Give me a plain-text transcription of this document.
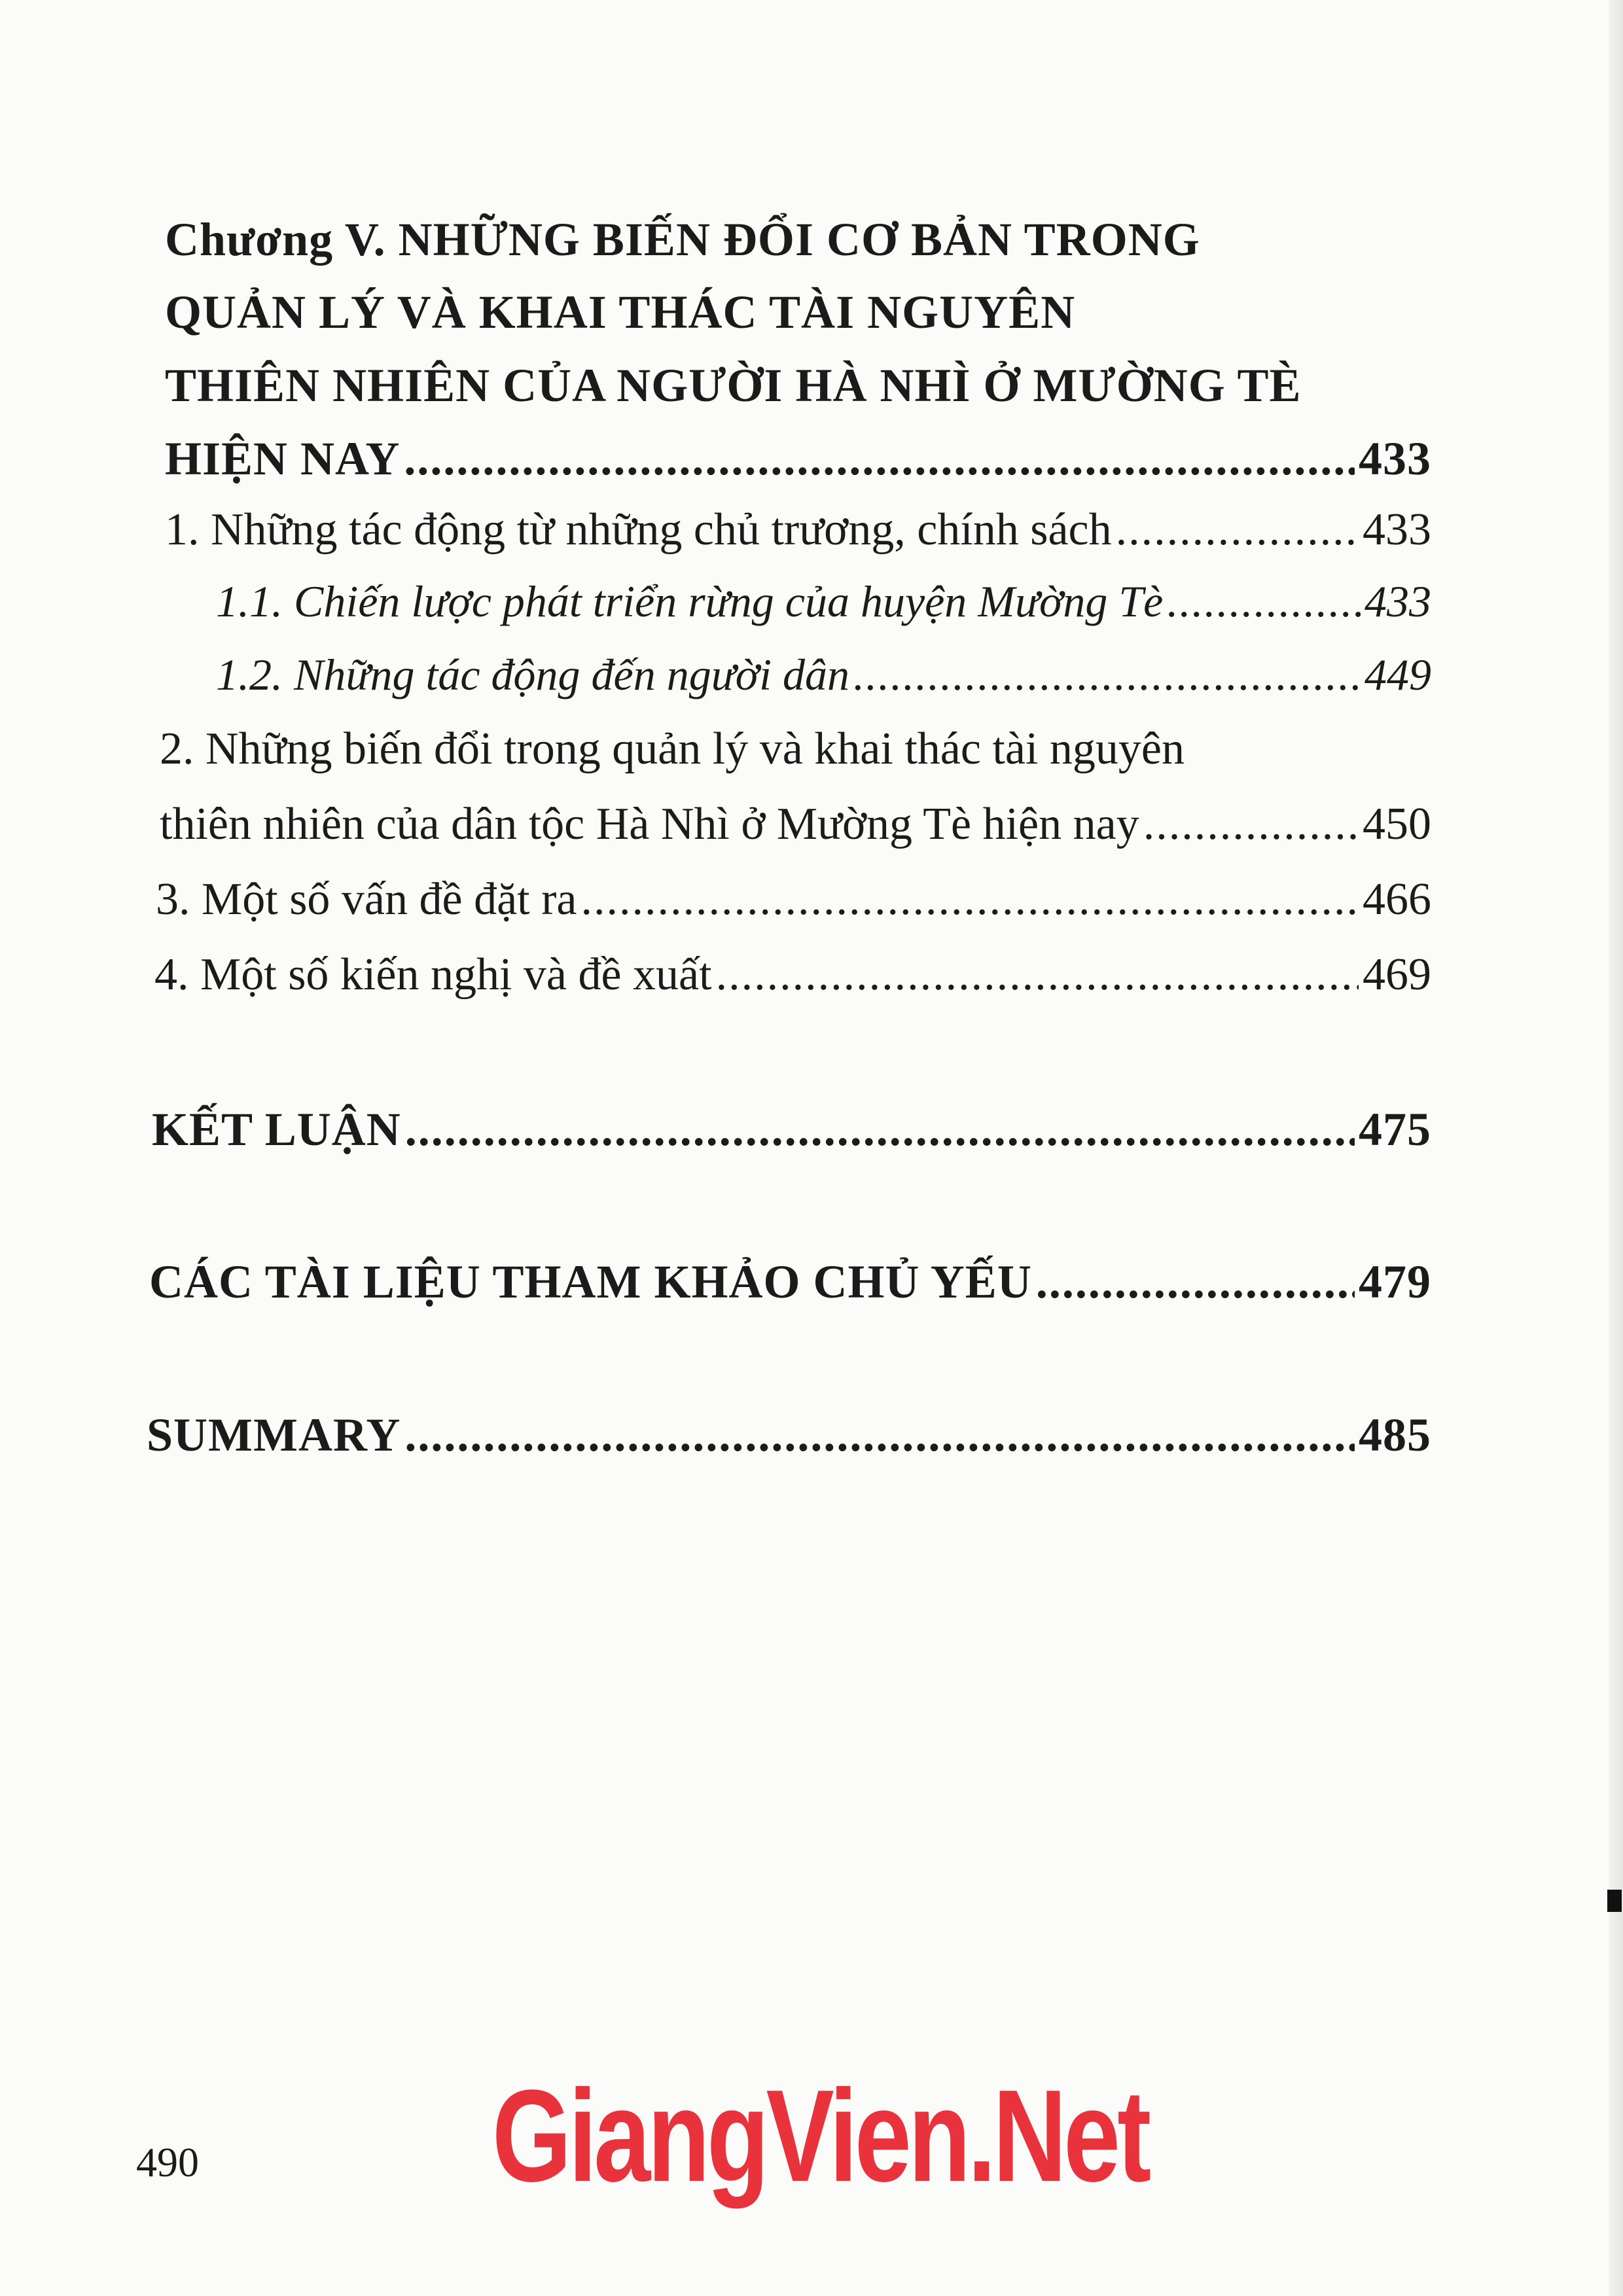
Chương V. NHỮNG BIẾN ĐỔI CƠ BẢN TRONG
QUẢN LÝ VÀ KHAI THÁC TÀI NGUYÊN
THIÊN NHIÊN CỦA NGƯỜI HÀ NHÌ Ở MƯỜNG TÈ
HIỆN NAY .....	433
1. Những tác động từ những chủ trương, chính sách .....	433
1.1. Chiến lược phát triển rừng của huyện Mường Tè .....	433
1.2. Những tác động đến người dân .....	449
2. Những biến đổi trong quản lý và khai thác tài nguyên
thiên nhiên của dân tộc Hà Nhì ở Mường Tè hiện nay .....	450
3. Một số vấn đề đặt ra .....	466
4. Một số kiến nghị và đề xuất .....	469
KẾT LUẬN .....	475
CÁC TÀI LIỆU THAM KHẢO CHỦ YẾU .....	479
SUMMARY .....	485
490 GiangVien.Net
